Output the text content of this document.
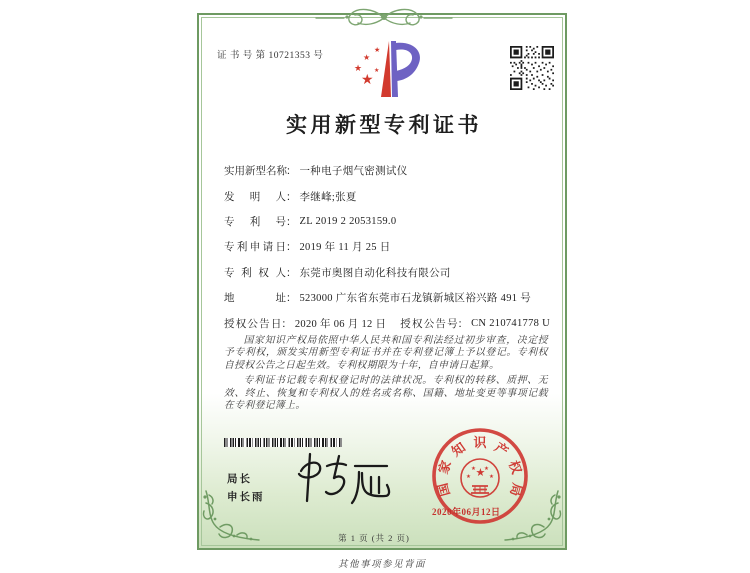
证 书 号 第 10721353 号
★
★
★
★
★
实用新型专利证书
实用新型名称 ： 一种电子烟气密测试仪
发明人 ： 李继峰;张夏
专利号 ： ZL 2019 2 2053159.0
专利申请日 ： 2019 年 11 月 25 日
专利权人 ： 东莞市奥图自动化科技有限公司
地址 ： 523000 广东省东莞市石龙镇新城区裕兴路 491 号
授权公告日 ： 2020 年 06 月 12 日 授权公告号 ： CN 210741778 U

国家知识产权局依照中华人民共和国专利法经过初步审查，决定授予专利权，颁发实用新型专利证书并在专利登记簿上予以登记。专利权自授权公告之日起生效。专利权期限为十年，自申请日起算。

专利证书记载专利权登记时的法律状况。专利权的转移、质押、无效、终止、恢复和专利权人的姓名或名称、国籍、地址变更等事项记载在专利登记簿上。

局长
申长雨	国
家
知 识 产
权
局
★
★
★ ★
★
2020年06月12日
第 1 页 (共 2 页)
其他事项参见背面
